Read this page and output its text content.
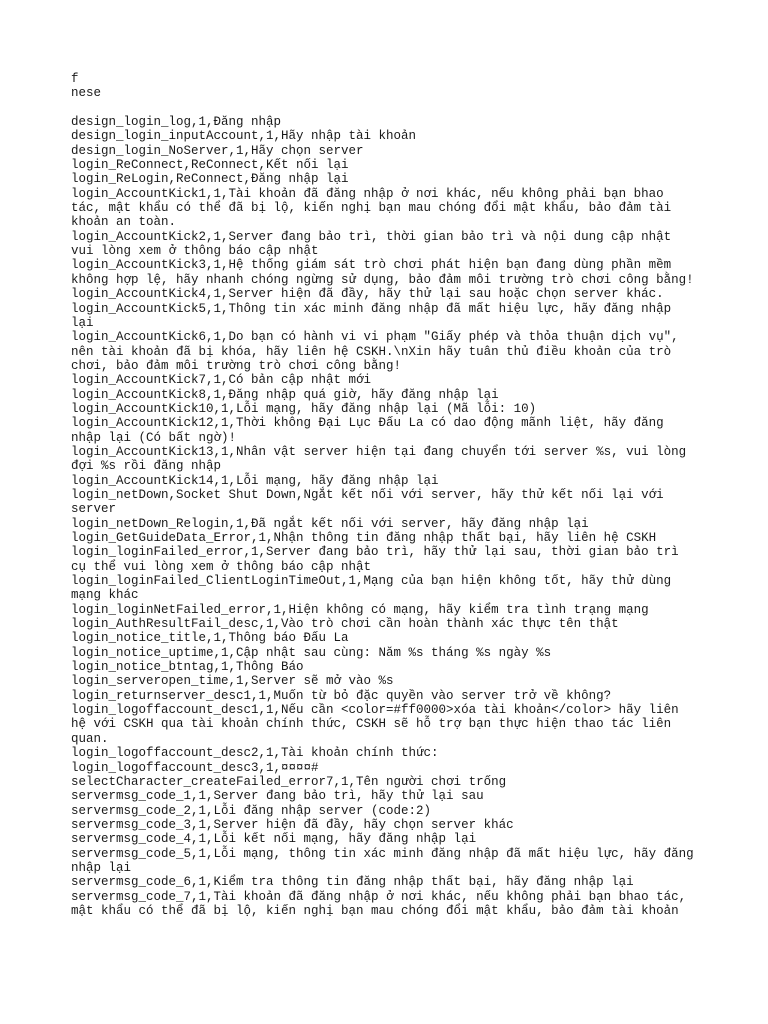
f
nese
design_login_log,1,Đăng nhập
design_login_inputAccount,1,Hãy nhập tài khoản
design_login_NoServer,1,Hãy chọn server
login_ReConnect,ReConnect,Kết nối lại
login_ReLogin,ReConnect,Đăng nhập lại
login_AccountKick1,1,Tài khoản đã đăng nhập ở nơi khác, nếu không phải bạn bhao
tác, mật khẩu có thể đã bị lộ, kiến nghị bạn mau chóng đổi mật khẩu, bảo đảm tài
khoản an toàn.
login_AccountKick2,1,Server đang bảo trì, thời gian bảo trì và nội dung cập nhật
vui lòng xem ở thông báo cập nhật
login_AccountKick3,1,Hệ thống giám sát trò chơi phát hiện bạn đang dùng phần mềm
không hợp lệ, hãy nhanh chóng ngừng sử dụng, bảo đảm môi trường trò chơi công bằng!
login_AccountKick4,1,Server hiện đã đầy, hãy thử lại sau hoặc chọn server khác.
login_AccountKick5,1,Thông tin xác minh đăng nhập đã mất hiệu lực, hãy đăng nhập
lại
login_AccountKick6,1,Do bạn có hành vi vi phạm "Giấy phép và thỏa thuận dịch vụ",
nên tài khoản đã bị khóa, hãy liên hệ CSKH.\nXin hãy tuân thủ điều khoản của trò
chơi, bảo đảm môi trường trò chơi công bằng!
login_AccountKick7,1,Có bản cập nhật mới
login_AccountKick8,1,Đăng nhập quá giờ, hãy đăng nhập lại
login_AccountKick10,1,Lỗi mạng, hãy đăng nhập lại (Mã lỗi: 10)
login_AccountKick12,1,Thời không Đại Lục Đấu La có dao động mãnh liệt, hãy đăng
nhập lại (Có bất ngờ)!
login_AccountKick13,1,Nhân vật server hiện tại đang chuyển tới server %s, vui lòng
đợi %s rồi đăng nhập
login_AccountKick14,1,Lỗi mạng, hãy đăng nhập lại
login_netDown,Socket Shut Down,Ngắt kết nối với server, hãy thử kết nối lại với
server
login_netDown_Relogin,1,Đã ngắt kết nối với server, hãy đăng nhập lại
login_GetGuideData_Error,1,Nhận thông tin đăng nhập thất bại, hãy liên hệ CSKH
login_loginFailed_error,1,Server đang bảo trì, hãy thử lại sau, thời gian bảo trì
cụ thể vui lòng xem ở thông báo cập nhật
login_loginFailed_ClientLoginTimeOut,1,Mạng của bạn hiện không tốt, hãy thử dùng
mạng khác
login_loginNetFailed_error,1,Hiện không có mạng, hãy kiểm tra tình trạng mạng
login_AuthResultFail_desc,1,Vào trò chơi cần hoàn thành xác thực tên thật
login_notice_title,1,Thông báo Đấu La
login_notice_uptime,1,Cập nhật sau cùng: Năm %s tháng %s ngày %s
login_notice_btntag,1,Thông Báo
login_serveropen_time,1,Server sẽ mở vào %s
login_returnserver_desc1,1,Muốn từ bỏ đặc quyền vào server trở về không?
login_logoffaccount_desc1,1,Nếu cần <color=#ff0000>xóa tài khoản</color> hãy liên
hệ với CSKH qua tài khoản chính thức, CSKH sẽ hỗ trợ bạn thực hiện thao tác liên
quan.
login_logoffaccount_desc2,1,Tài khoản chính thức:
login_logoffaccount_desc3,1,¤¤¤¤#
selectCharacter_createFailed_error7,1,Tên người chơi trống
servermsg_code_1,1,Server đang bảo trì, hãy thử lại sau
servermsg_code_2,1,Lỗi đăng nhập server (code:2)
servermsg_code_3,1,Server hiện đã đầy, hãy chọn server khác
servermsg_code_4,1,Lỗi kết nối mạng, hãy đăng nhập lại
servermsg_code_5,1,Lỗi mạng, thông tin xác minh đăng nhập đã mất hiệu lực, hãy đăng
nhập lại
servermsg_code_6,1,Kiểm tra thông tin đăng nhập thất bại, hãy đăng nhập lại
servermsg_code_7,1,Tài khoản đã đăng nhập ở nơi khác, nếu không phải bạn bhao tác,
mật khẩu có thể đã bị lộ, kiến nghị bạn mau chóng đổi mật khẩu, bảo đảm tài khoản
